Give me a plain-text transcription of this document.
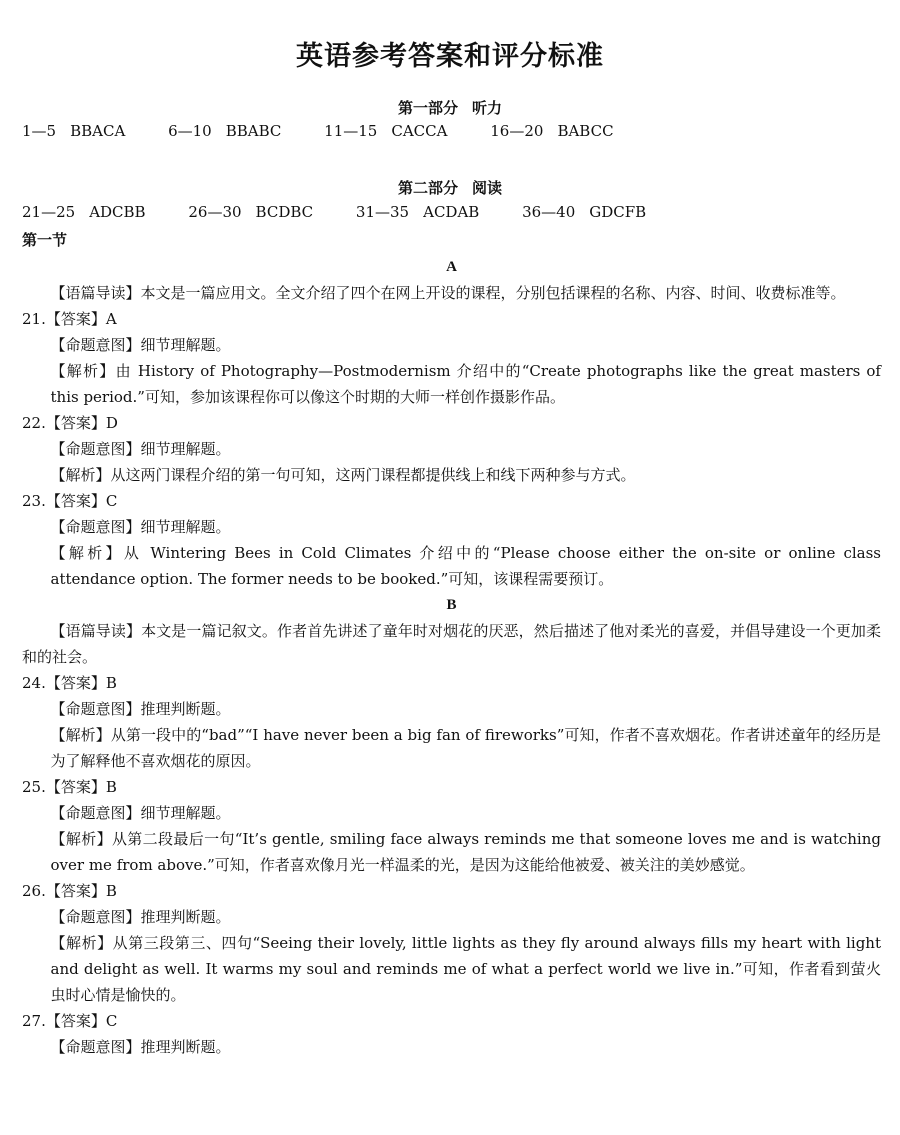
英语参考答案和评分标准
第一部分 听力
1—5 BBACA	6—10 BBABC	11—15 CACCA	16—20 BABCC
第二部分 阅读
21—25 ADCBB	26—30 BCDBC	31—35 ACDAB	36—40 GDCFB
第一节
A
【语篇导读】本文是一篇应用文。全文介绍了四个在网上开设的课程，分别包括课程的名称、内容、时间、收费标准等。
21.【答案】A
【命题意图】细节理解题。
【解析】由 History of Photography—Postmodernism 介绍中的“Create photographs like the great masters of this period.”可知，参加该课程你可以像这个时期的大师一样创作摄影作品。
22.【答案】D
【命题意图】细节理解题。
【解析】从这两门课程介绍的第一句可知，这两门课程都提供线上和线下两种参与方式。
23.【答案】C
【命题意图】细节理解题。
【解析】从 Wintering Bees in Cold Climates 介绍中的“Please choose either the on-site or online class attendance option. The former needs to be booked.”可知，该课程需要预订。
B
【语篇导读】本文是一篇记叙文。作者首先讲述了童年时对烟花的厌恶，然后描述了他对柔光的喜爱，并倡导建设一个更加柔和的社会。
24.【答案】B
【命题意图】推理判断题。
【解析】从第一段中的“bad”“I have never been a big fan of fireworks”可知，作者不喜欢烟花。作者讲述童年的经历是为了解释他不喜欢烟花的原因。
25.【答案】B
【命题意图】细节理解题。
【解析】从第二段最后一句“It’s gentle, smiling face always reminds me that someone loves me and is watching over me from above.”可知，作者喜欢像月光一样温柔的光，是因为这能给他被爱、被关注的美妙感觉。
26.【答案】B
【命题意图】推理判断题。
【解析】从第三段第三、四句“Seeing their lovely, little lights as they fly around always fills my heart with light and delight as well. It warms my soul and reminds me of what a perfect world we live in.”可知，作者看到萤火虫时心情是愉快的。
27.【答案】C
【命题意图】推理判断题。
